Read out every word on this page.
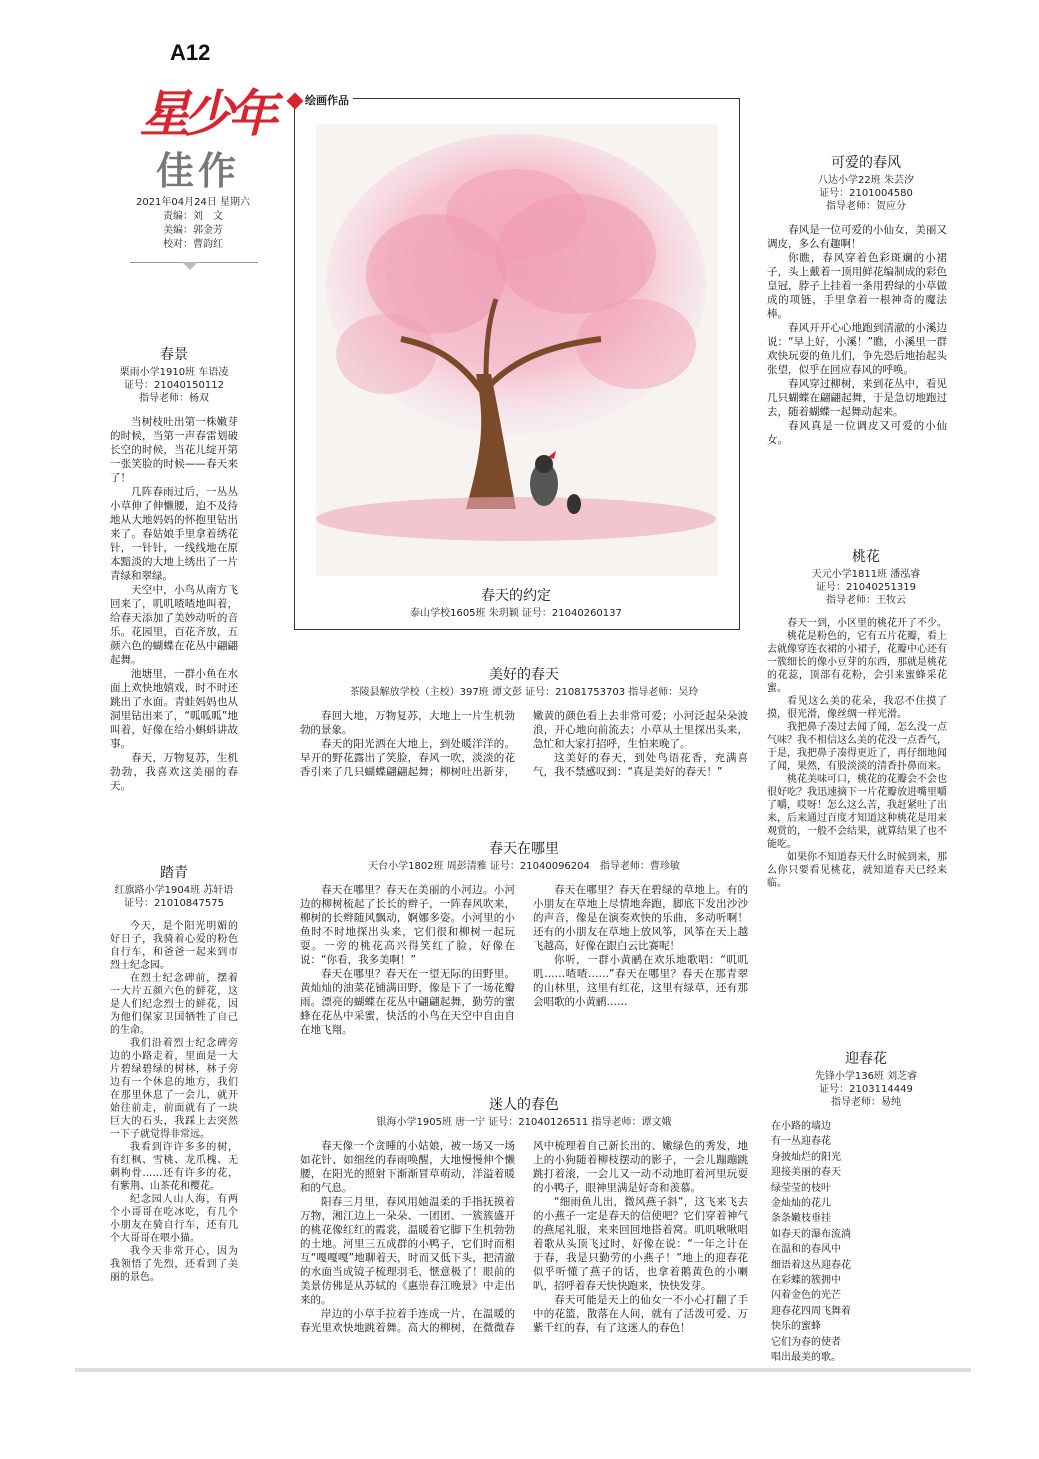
A12
星少年
佳作
2021年04月24日 星期六
责编：刘　文
美编：郭金芳
校对：曹韵红
绘画作品
春天的约定
泰山学校1605班 朱玥颖 证号：21040260137
春景
栗雨小学1910班 车语凌
证号：21040150112
指导老师：杨双

当树枝吐出第一株嫩芽的时候，当第一声春雷划破长空的时候，当花儿绽开第一张笑脸的时候——春天来了！

几阵春雨过后，一丛丛小草伸了伸懒腰，迫不及待地从大地妈妈的怀抱里钻出来了。春姑娘手里拿着绣花针，一针针，一线线地在原本黯淡的大地上绣出了一片青绿和翠绿。

天空中，小鸟从南方飞回来了，叽叽喳喳地叫着，给春天添加了美妙动听的音乐。花园里，百花齐放，五颜六色的蝴蝶在花丛中翩翩起舞。

池塘里，一群小鱼在水面上欢快地嬉戏，时不时还跳出了水面。青蛙妈妈也从洞里钻出来了，“呱呱呱”地叫着，好像在给小蝌蚪讲故事。

春天，万物复苏，生机勃勃，我喜欢这美丽的春天。

踏青
红旗路小学1904班 苏轩语
证号：21010847575

今天，是个阳光明媚的好日子，我骑着心爱的粉色自行车，和爸爸一起来到市烈士纪念园。

在烈士纪念碑前，摆着一大片五颜六色的鲜花，这是人们纪念烈士的鲜花，因为他们保家卫国牺牲了自己的生命。

我们沿着烈士纪念碑旁边的小路走着，里面是一大片碧绿碧绿的树林，林子旁边有一个休息的地方，我们在那里休息了一会儿，就开始往前走，前面就有了一块巨大的石头，我踩上去突然一下子就觉得非常远。

我看到许许多多的树，有红枫、雪桃、龙爪槐、无刺枸骨……还有许多的花，有紫荆、山茶花和樱花。

纪念园人山人海，有两个小哥哥在吃冰吃，有几个小朋友在骑自行车，还有几个大哥哥在喂小猫。

我今天非常开心，因为我领悟了先烈，还看到了美丽的景色。

可爱的春风
八达小学22班 朱芸汐
证号：2101004580
指导老师：贺应分

春风是一位可爱的小仙女，美丽又调皮，多么有趣啊！

你瞧，春风穿着色彩斑斓的小裙子，头上戴着一顶用鲜花编制成的彩色皇冠，脖子上挂着一条用碧绿的小草做成的项链，手里拿着一根神奇的魔法棒。

春风开开心心地跑到清澈的小溪边说：“早上好，小溪！”瞧，小溪里一群欢快玩耍的鱼儿们，争先恐后地抬起头张望，似乎在回应春风的呼唤。

春风穿过柳树，来到花丛中，看见几只蝴蝶在翩翩起舞，于是急切地跑过去，随着蝴蝶一起舞动起来。

春风真是一位调皮又可爱的小仙女。

桃花
天元小学1811班 潘泓睿
证号：21040251319
指导老师：王牧云

春天一到，小区里的桃花开了不少。

桃花是粉色的，它有五片花瓣，看上去就像穿连衣裙的小裙子，花瓣中心还有一簇细长的像小豆芽的东西，那就是桃花的花蕊，顶部有花粉，会引来蜜蜂采花蜜。

看见这么美的花朵，我忍不住摸了摸，很光滑，像丝绸一样光滑。

我把鼻子凑过去闻了闻，怎么没一点气味？我不相信这么美的花没一点香气，于是，我把鼻子凑得更近了，再仔细地闻了闻，果然，有股淡淡的清香扑鼻而来。

桃花美味可口，桃花的花瓣会不会也很好吃？我迅速摘下一片花瓣放进嘴里嚼了嚼，哎呀！怎么这么苦，我赶紧吐了出来，后来通过百度才知道这种桃花是用来观赏的，一般不会结果，就算结果了也不能吃。

如果你不知道春天什么时候到来，那么你只要看见桃花，就知道春天已经来临。

迎春花
先锋小学136班 刘芝睿
证号：2103114449
指导老师：易纯

在小路的墙边

有一丛迎春花

身披灿烂的阳光

迎接美丽的春天

绿莹莹的枝叶

金灿灿的花儿

条条嫩枝垂挂

如春天的瀑布流淌

在温和的春风中

细语着这丛迎春花

在彩蝶的簇拥中

闪着金色的光芒

迎春花四周飞舞着

快乐的蜜蜂

它们为春的使者

唱出最美的歌。

美好的春天
茶陵县解放学校（主校）397班 谭文彭 证号：21081753703 指导老师：吴玲

春回大地，万物复苏，大地上一片生机勃勃的景象。

春天的阳光洒在大地上，到处暖洋洋的。早开的野花露出了笑脸，春风一吹，淡淡的花香引来了几只蝴蝶翩翩起舞；柳树吐出新芽，嫩黄的颜色看上去非常可爱；小河泛起朵朵波浪，开心地向前流去；小草从土里探出头来，急忙和大家打招呼，生怕来晚了。

这美好的春天，到处鸟语花香，充满喜气，我不禁感叹到：“真是美好的春天！”

春天在哪里
天台小学1802班 周彭清雅 证号：21040096204　指导老师：曹珍敏

春天在哪里？春天在美丽的小河边。小河边的柳树梳起了长长的辫子，一阵春风吹来，柳树的长辫随风飘动，婀娜多姿。小河里的小鱼时不时地探出头来，它们很和柳树一起玩耍。一旁的桃花高兴得笑红了脸，好像在说：“你看，我多美啊！”

春天在哪里？春天在一望无际的田野里。黄灿灿的油菜花铺满田野，像是下了一场花瓣雨。漂亮的蝴蝶在花丛中翩翩起舞，勤劳的蜜蜂在花丛中采蜜，快活的小鸟在天空中自由自在地飞翔。

春天在哪里？春天在碧绿的草地上。有的小朋友在草地上尽情地奔跑，脚底下发出沙沙的声音，像是在演奏欢快的乐曲，多动听啊！还有的小朋友在草地上放风筝，风筝在天上越飞越高，好像在跟白云比赛呢！

你听，一群小黄鹂在欢乐地歌唱：“叽叽叽……喳喳……”春天在哪里？春天在那青翠的山林里，这里有红花，这里有绿草，还有那会唱歌的小黄鹂……

迷人的春色
银海小学1905班 唐一宁 证号：21040126511 指导老师：谭文娥

春天像一个贪睡的小姑娘，被一场又一场如花针、如细丝的春雨唤醒，大地慢慢伸个懒腰，在阳光的照射下渐渐冒草萌动，洋溢着暖和的气息。

阳春三月里，春风用她温柔的手指抚摸着万物，湘江边上一朵朵、一团团、一簇簇盛开的桃花像红红的霞裳，温暖着它脚下生机勃勃的土地。河里三五成群的小鸭子，它们时而相互“嘎嘎嘎”地聊着天，时而又低下头，把清澈的水面当成镜子梳理羽毛，惬意极了！眼前的美景仿佛是从苏轼的《惠崇春江晚景》中走出来的。

岸边的小草手拉着手连成一片，在温暖的春光里欢快地跳着舞。高大的柳树，在微微春风中梳理着自己新长出的、嫩绿色的秀发，地上的小狗随着柳枝摆动的影子，一会儿蹦蹦跳跳打着滚，一会儿又一动不动地盯着河里玩耍的小鸭子，眼神里满是好奇和羡慕。

“细雨鱼儿出，微风燕子斜”，这飞来飞去的小燕子一定是春天的信使吧？它们穿着神气的燕尾礼服，来来回回地搭着窝。叽叽啾啾唱着歌从头顶飞过时，好像在说：“一年之计在于春，我是只勤劳的小燕子！”地上的迎春花似乎听懂了燕子的话，也拿着鹅黄色的小喇叭，招呼着春天快快跑来，快快发芽。

春天可能是天上的仙女一不小心打翻了手中的花篮，散落在人间，就有了活泼可爱、万紫千红的春，有了这迷人的春色！
